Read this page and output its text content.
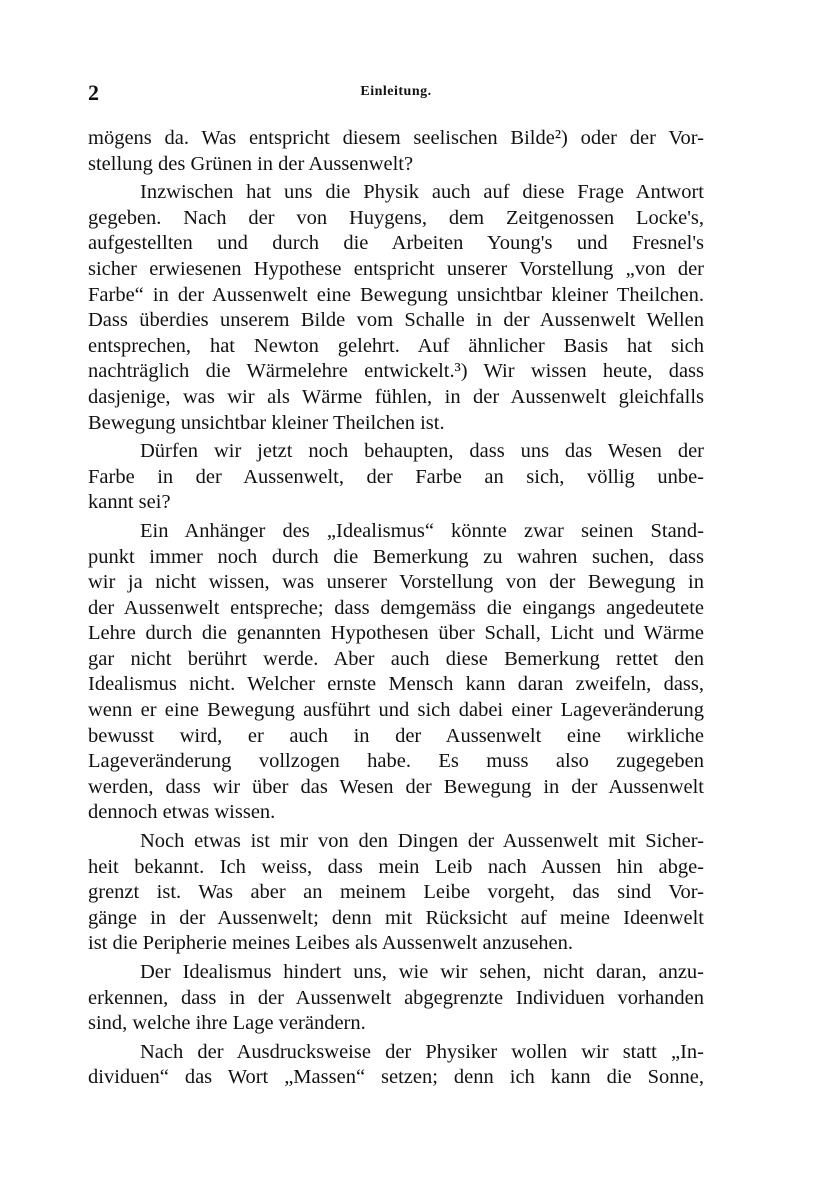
2	Einleitung.
mögens da. Was entspricht diesem seelischen Bilde²) oder der Vor-
stellung des Grünen in der Aussenwelt?
Inzwischen hat uns die Physik auch auf diese Frage Antwort
gegeben. Nach der von Huygens, dem Zeitgenossen Locke's,
aufgestellten und durch die Arbeiten Young's und Fresnel's
sicher erwiesenen Hypothese entspricht unserer Vorstellung „von der
Farbe“ in der Aussenwelt eine Bewegung unsichtbar kleiner Theilchen.
Dass überdies unserem Bilde vom Schalle in der Aussenwelt Wellen
entsprechen, hat Newton gelehrt. Auf ähnlicher Basis hat sich
nachträglich die Wärmelehre entwickelt.³) Wir wissen heute, dass
dasjenige, was wir als Wärme fühlen, in der Aussenwelt gleichfalls
Bewegung unsichtbar kleiner Theilchen ist.
Dürfen wir jetzt noch behaupten, dass uns das Wesen der
Farbe in der Aussenwelt, der Farbe an sich, völlig unbe-
kannt sei?
Ein Anhänger des „Idealismus“ könnte zwar seinen Stand-
punkt immer noch durch die Bemerkung zu wahren suchen, dass
wir ja nicht wissen, was unserer Vorstellung von der Bewegung in
der Aussenwelt entspreche; dass demgemäss die eingangs angedeutete
Lehre durch die genannten Hypothesen über Schall, Licht und Wärme
gar nicht berührt werde. Aber auch diese Bemerkung rettet den
Idealismus nicht. Welcher ernste Mensch kann daran zweifeln, dass,
wenn er eine Bewegung ausführt und sich dabei einer Lageveränderung
bewusst wird, er auch in der Aussenwelt eine wirkliche
Lageveränderung vollzogen habe. Es muss also zugegeben
werden, dass wir über das Wesen der Bewegung in der Aussenwelt
dennoch etwas wissen.
Noch etwas ist mir von den Dingen der Aussenwelt mit Sicher-
heit bekannt. Ich weiss, dass mein Leib nach Aussen hin abge-
grenzt ist. Was aber an meinem Leibe vorgeht, das sind Vor-
gänge in der Aussenwelt; denn mit Rücksicht auf meine Ideenwelt
ist die Peripherie meines Leibes als Aussenwelt anzusehen.
Der Idealismus hindert uns, wie wir sehen, nicht daran, anzu-
erkennen, dass in der Aussenwelt abgegrenzte Individuen vorhanden
sind, welche ihre Lage verändern.
Nach der Ausdrucksweise der Physiker wollen wir statt „In-
dividuen“ das Wort „Massen“ setzen; denn ich kann die Sonne,
